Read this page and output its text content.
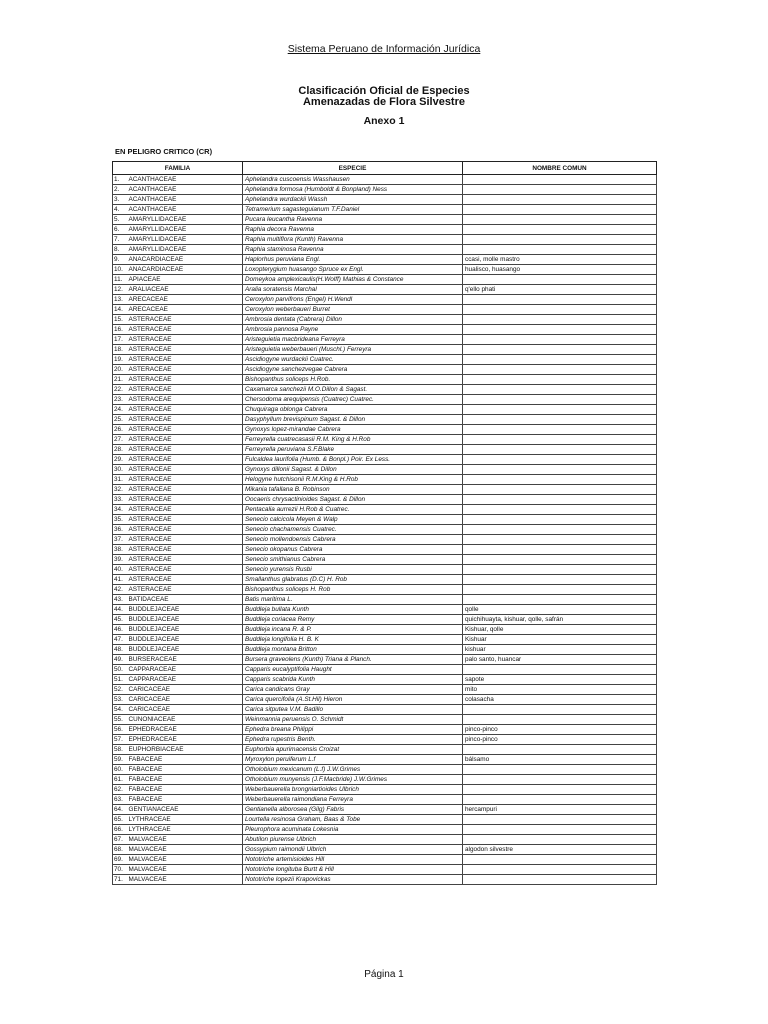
Sistema Peruano de Información Jurídica
Clasificación Oficial de Especies
Amenazadas de Flora Silvestre
Anexo 1
EN PELIGRO CRITICO (CR)
FAMILIA		ESPECIE	NOMBRE COMUN
1.	ACANTHACEAE	Aphelandra cuscoensis Wasshausen	
2.	ACANTHACEAE	Aphelandra formosa (Humboldt & Bonpland) Ness	
3.	ACANTHACEAE	Aphelandra wurdackii Wassh	
4.	ACANTHACEAE	Tetramerium sagasteguianum T.F.Daniel	
5.	AMARYLLIDACEAE	Pucara leucantha Ravenna	
6.	AMARYLLIDACEAE	Raphia decora Ravenna	
7.	AMARYLLIDACEAE	Raphia multiflora (Kunth) Ravenna	
8.	AMARYLLIDACEAE	Raphia staminosa Ravenna	
9.	ANACARDIACEAE	Haplorhus peruviana Engl.	ccasi, molle mastro
10.	ANACARDIACEAE	Loxopterygium huasango Spruce ex Engl.	hualisco, huasango
11.	APIACEAE	Domeykoa amplexicaulis(H.Wolff) Mathias & Constance	
12.	ARALIACEAE	Aralia soratensis Marchal	q'ello phati
13.	ARECACEAE	Ceroxylon parvifrons (Engel) H.Wendl	
14.	ARECACEAE	Ceroxylon weberbaueri Burret	
15.	ASTERACEAE	Ambrosia dentata (Cabrera) Dillon	
16.	ASTERACEAE	Ambrosia pannosa Payne	
17.	ASTERACEAE	Aristeguietia macbrideana Ferreyra	
18.	ASTERACEAE	Aristeguietia weberbaueri (Muschl.) Ferreyra	
19.	ASTERACEAE	Ascidiogyne wurdackii Cuatrec.	
20.	ASTERACEAE	Ascidiogyne sanchezvegae Cabrera	
21.	ASTERACEAE	Bishopanthus soliceps H.Rob.	
22.	ASTERACEAE	Caxamarca sanchezii M.O.Dillon & Sagast.	
23.	ASTERACEAE	Chersodoma arequipensis (Cuatrec) Cuatrec.	
24.	ASTERACEAE	Chuquiraga oblonga Cabrera	
25.	ASTERACEAE	Dasyphyllum brevispinum Sagast. & Dillon	
26.	ASTERACEAE	Gynoxys lopez-mirandae Cabrera	
27.	ASTERACEAE	Ferreyrella cuatrecasasii R.M. King & H.Rob	
28.	ASTERACEAE	Ferreyrella peruviana S.F.Blake	
29.	ASTERACEAE	Fulcaldea laurifolia (Humb. & Bonpl.) Poir. Ex Less.	
30.	ASTERACEAE	Gynoxys dillonii Sagast. & Dillon	
31.	ASTERACEAE	Helogyne hutchisonii R.M.King & H.Rob	
32.	ASTERACEAE	Mikania tafallana B. Robinson	
33.	ASTERACEAE	Oocaeris chrysactinioides Sagast. & Dillon	
34.	ASTERACEAE	Pentacalia aurrezii H.Rob & Cuatrec.	
35.	ASTERACEAE	Senecio calcicola Meyen & Walp	
36.	ASTERACEAE	Senecio chachamensis Cuatrec.	
37.	ASTERACEAE	Senecio mollendoensis Cabrera	
38.	ASTERACEAE	Senecio okopanus Cabrera	
39.	ASTERACEAE	Senecio smithianus Cabrera	
40.	ASTERACEAE	Senecio yurensis Rusbi	
41.	ASTERACEAE	Smallanthus glabratus (D.C) H. Rob	
42.	ASTERACEAE	Bishopanthus soliceps H. Rob	
43.	BATIDACEAE	Batis maritima L.	
44.	BUDDLEJACEAE	Buddleja bullata Kunth	qolle
45.	BUDDLEJACEAE	Buddleja coriacea Remy	quichihuayta, kishuar, qolle, safrán
46.	BUDDLEJACEAE	Buddleja incana R. & P.	Kishuar, qolle
47.	BUDDLEJACEAE	Buddleja longifolia H. B. K	Kishuar
48.	BUDDLEJACEAE	Buddleja montana Britton	kishuar
49.	BURSERACEAE	Bursera graveolens (Kunth) Triana & Planch.	palo santo, huancar
50.	CAPPARACEAE	Capparis eucalyptifolia Haught	
51.	CAPPARACEAE	Capparis scabrida Kunth	sapote
52.	CARICACEAE	Carica candicans Gray	mito
53.	CARICACEAE	Carica quercifolia (A.St.Hil) Hieron	colasacha
54.	CARICACEAE	Carica sitputea V.M. Badillo	
55.	CUNONIACEAE	Weinmannia peruensis O. Schmidt	
56.	EPHEDRACEAE	Ephedra breana Philippi	pinco-pinco
57.	EPHEDRACEAE	Ephedra rupestris Benth.	pinco-pinco
58.	EUPHORBIACEAE	Euphorbia apurimacensis Croizat	
59.	FABACEAE	Myroxylon peruiferum L.f	bálsamo
60.	FABACEAE	Otholobium mexicanum (L.f) J.W.Grimes	
61.	FABACEAE	Otholobium munyensis (J.F.Macbride) J.W.Grimes	
62.	FABACEAE	Weberbauerella brongniartioides Ulbrich	
63.	FABACEAE	Weberbauerella raimondiana Ferreyra	
64.	GENTIANACEAE	Gentianella alborosea (Gilg) Fabris	hercampuri
65.	LYTHRACEAE	Lourtella resinosa Graham, Baas & Tobe	
66.	LYTHRACEAE	Pleurophora acuminata Lokesnia	
67.	MALVACEAE	Abutilon piurense Ulbrich	
68.	MALVACEAE	Gossypium raimondii Ulbrich	algodon silvestre
69.	MALVACEAE	Nototriche artemisioides Hill	
70.	MALVACEAE	Nototriche longituba Burtt & Hill	
71.	MALVACEAE	Nototriche lopezii Krapovickas	
Página 1
